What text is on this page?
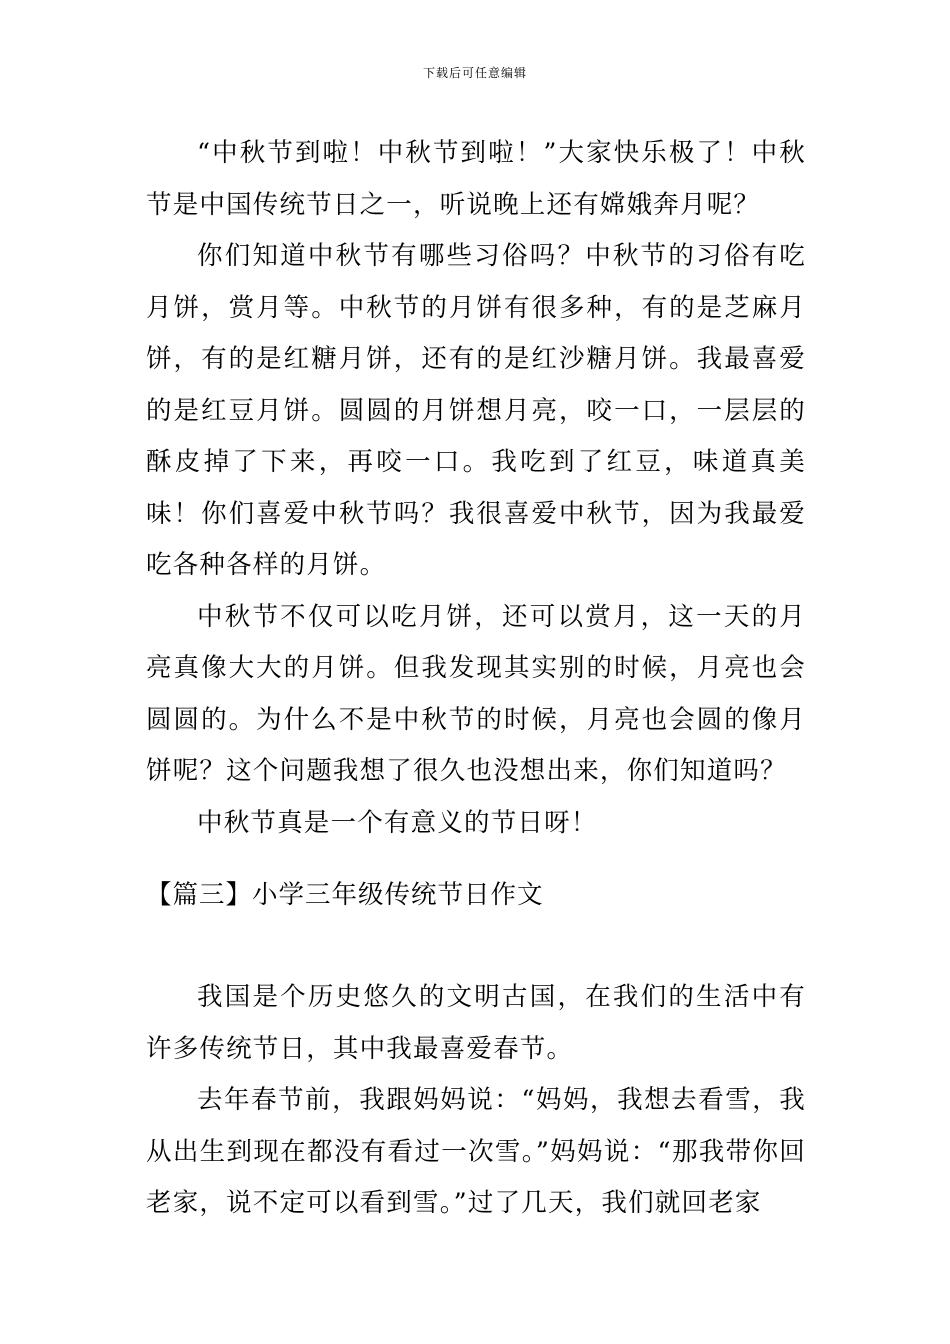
下载后可任意编辑

“中秋节到啦！中秋节到啦！”大家快乐极了！中秋节是中国传统节日之一，听说晚上还有嫦娥奔月呢？

你们知道中秋节有哪些习俗吗？中秋节的习俗有吃月饼，赏月等。中秋节的月饼有很多种，有的是芝麻月饼，有的是红糖月饼，还有的是红沙糖月饼。我最喜爱的是红豆月饼。圆圆的月饼想月亮，咬一口，一层层的酥皮掉了下来，再咬一口。我吃到了红豆，味道真美味！你们喜爱中秋节吗？我很喜爱中秋节，因为我最爱吃各种各样的月饼。

中秋节不仅可以吃月饼，还可以赏月，这一天的月亮真像大大的月饼。但我发现其实别的时候，月亮也会圆圆的。为什么不是中秋节的时候，月亮也会圆的像月饼呢？这个问题我想了很久也没想出来，你们知道吗？

中秋节真是一个有意义的节日呀！

【篇三】小学三年级传统节日作文

我国是个历史悠久的文明古国，在我们的生活中有许多传统节日，其中我最喜爱春节。

去年春节前，我跟妈妈说：“妈妈，我想去看雪，我从出生到现在都没有看过一次雪。”妈妈说：“那我带你回老家，说不定可以看到雪。”过了几天，我们就回老家
